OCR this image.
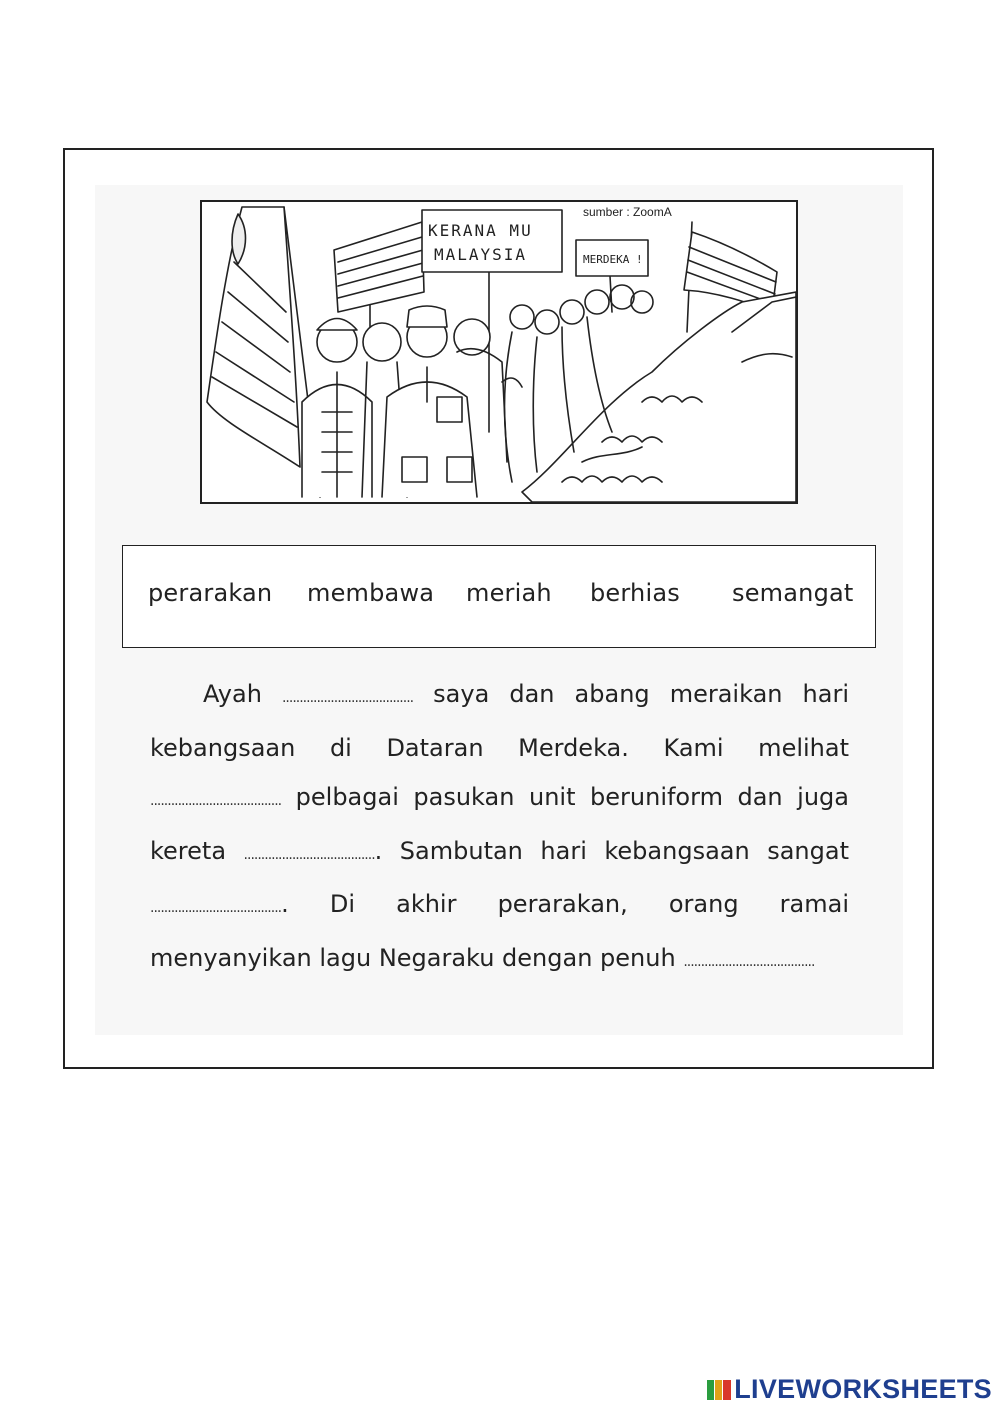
KERANA MU
MALAYSIA	MERDEKA !
sumber : ZoomA
perarakan membawa meriah berhias semangat

Ayah ...................................... saya dan abang meraikan hari kebangsaan di Dataran Merdeka. Kami melihat ...................................... pelbagai pasukan unit beruniform dan juga kereta ....................................... Sambutan hari kebangsaan sangat ....................................... Di akhir perarakan, orang ramai menyanyikan lagu Negaraku dengan penuh ......................................

LIVEWORKSHEETS
